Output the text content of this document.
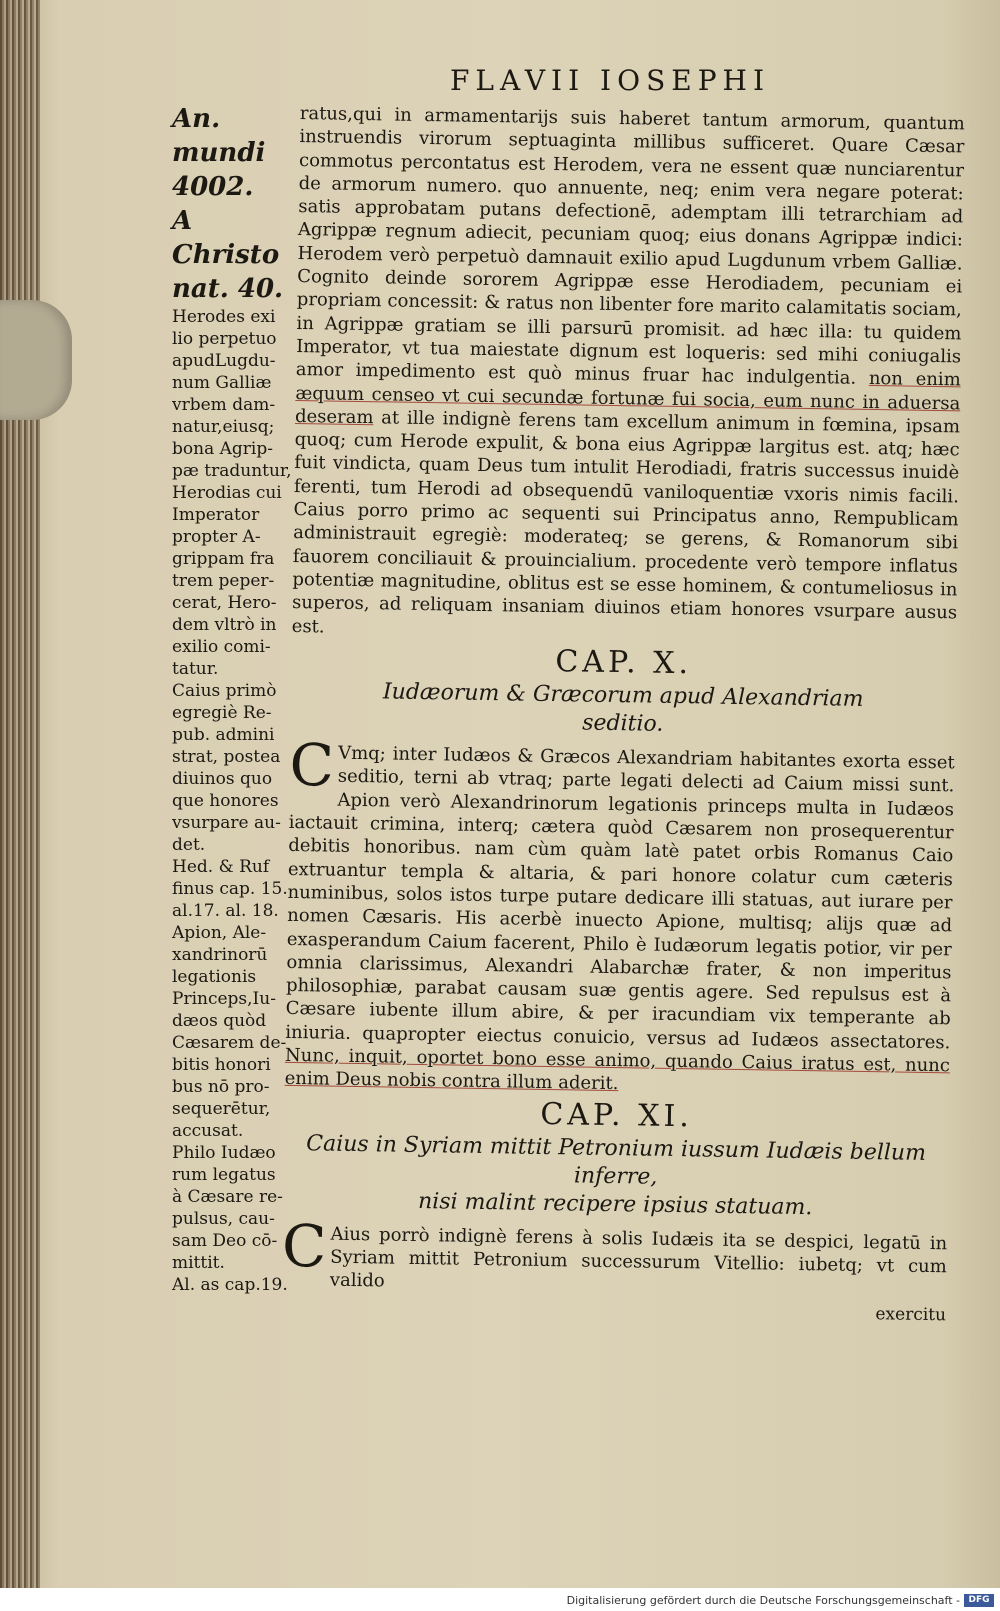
FLAVII IOSEPHI
An. mundi
4002.
A Christo
nat. 40.

Herodes exi
lio perpetuo
apudLugdu-
num Galliæ
vrbem dam-
natur,eiusq;
bona Agrip-
pæ traduntur,
Herodias cui
Imperator
propter A-
grippam fra
trem peper-
cerat, Hero-
dem vltrò in
exilio comi-
tatur.

Caius primò
egregiè Re-
pub. admini
strat, postea
diuinos quo
que honores
vsurpare au-
det.

Hed. & Ruf
finus cap. 15.
al.17. al. 18.

Apion, Ale-
xandrinorū
legationis
Princeps,Iu-
dæos quòd
Cæsarem de-
bitis honori
bus nō pro-
sequerētur,
accusat.

Philo Iudæo
rum legatus
à Cæsare re-
pulsus, cau-
sam Deo cō-
mittit.

Al. as cap.19.

ratus,qui in armamentarijs suis haberet tantum armorum, quantum instruendis virorum septuaginta millibus sufficeret. Quare Cæsar commotus percontatus est Herodem, vera ne essent quæ nunciarentur de armorum numero. quo annuente, neq; enim vera negare poterat: satis approbatam putans defectionē, ademptam illi tetrarchiam ad Agrippæ regnum adiecit, pecuniam quoq; eius donans Agrippæ indici: Herodem verò perpetuò damnauit exilio apud Lugdunum vrbem Galliæ. Cognito deinde sororem Agrippæ esse Herodiadem, pecuniam ei propriam concessit: & ratus non libenter fore marito calamitatis sociam, in Agrippæ gratiam se illi parsurū promisit. ad hæc illa: tu quidem Imperator, vt tua maiestate dignum est loqueris: sed mihi coniugalis amor impedimento est quò minus fruar hac indulgentia. non enim æquum censeo vt cui secundæ fortunæ fui socia, eum nunc in aduersa deseram at ille indignè ferens tam excellum animum in fœmina, ipsam quoq; cum Herode expulit, & bona eius Agrippæ largitus est. atq; hæc fuit vindicta, quam Deus tum intulit Herodiadi, fratris successus inuidè ferenti, tum Herodi ad obsequendū vaniloquentiæ vxoris nimis facili. Caius porro primo ac sequenti sui Principatus anno, Rempublicam administrauit egregiè: moderateq; se gerens, & Romanorum sibi fauorem conciliauit & prouincialium. procedente verò tempore inflatus potentiæ magnitudine, oblitus est se esse hominem, & contumeliosus in superos, ad reliquam insaniam diuinos etiam honores vsurpare ausus est.

CAP. X.
Iudæorum & Græcorum apud Alexandriam
seditio.

C Vmq; inter Iudæos & Græcos Alexandriam habitantes exorta esset seditio, terni ab vtraq; parte legati delecti ad Caium missi sunt. Apion verò Alexandrinorum legationis princeps multa in Iudæos iactauit crimina, interq; cætera quòd Cæsarem non prosequerentur debitis honoribus. nam cùm quàm latè patet orbis Romanus Caio extruantur templa & altaria, & pari honore colatur cum cæteris numinibus, solos istos turpe putare dedicare illi statuas, aut iurare per nomen Cæsaris. His acerbè inuecto Apione, multisq; alijs quæ ad exasperandum Caium facerent, Philo è Iudæorum legatis potior, vir per omnia clarissimus, Alexandri Alabarchæ frater, & non imperitus philosophiæ, parabat causam suæ gentis agere. Sed repulsus est à Cæsare iubente illum abire, & per iracundiam vix temperante ab iniuria. quapropter eiectus conuicio, versus ad Iudæos assectatores. Nunc, inquit, oportet bono esse animo, quando Caius iratus est, nunc enim Deus nobis contra illum aderit.

CAP. XI.
Caius in Syriam mittit Petronium iussum Iudæis bellum inferre,
nisi malint recipere ipsius statuam.

C Aius porrò indignè ferens à solis Iudæis ita se despici, legatū in Syriam mittit Petronium successurum Vitellio: iubetq; vt cum valido

exercitu
Digitalisierung gefördert durch die Deutsche Forschungsgemeinschaft - DFG
